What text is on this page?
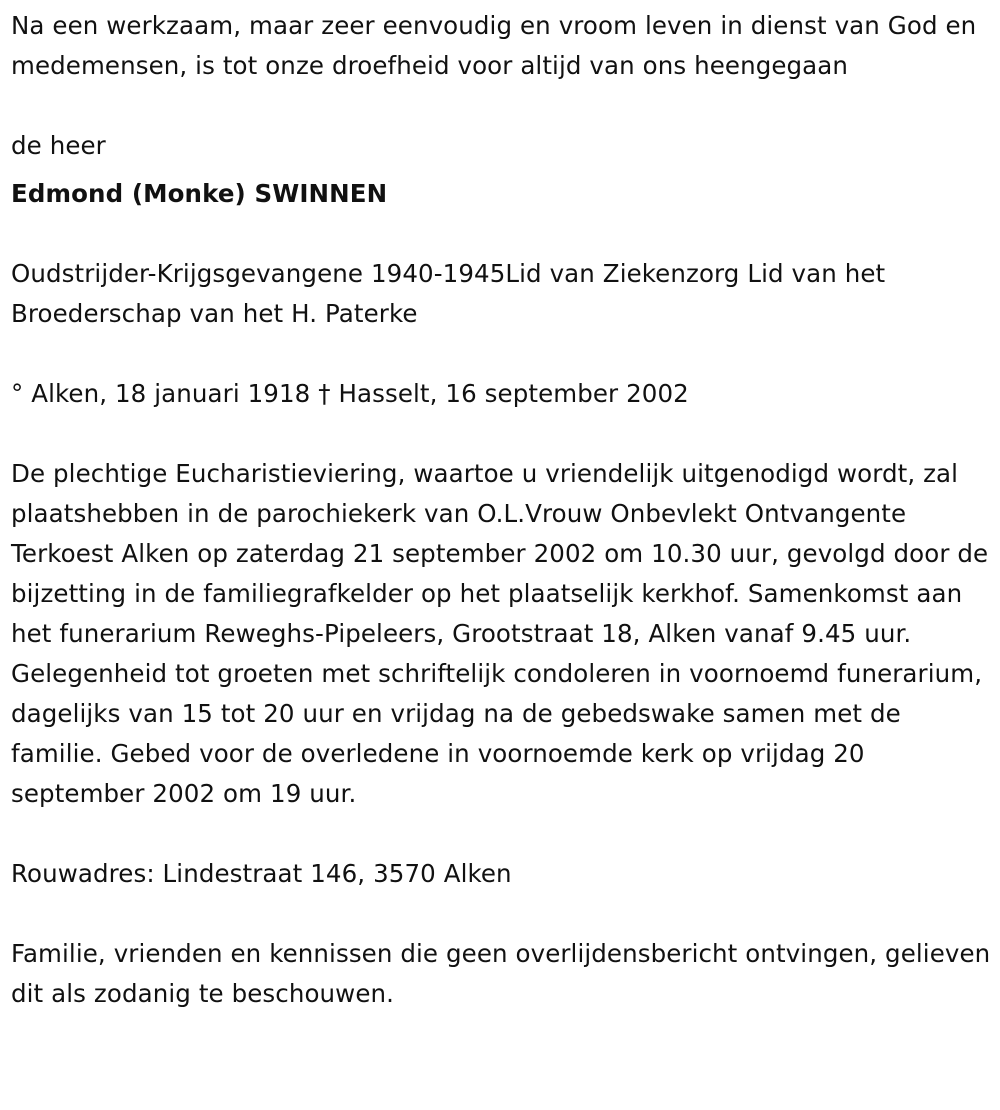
Na een werkzaam, maar zeer eenvoudig en vroom leven in dienst van God en medemensen, is tot onze droefheid voor altijd van ons heengegaan

de heer

Edmond (Monke) SWINNEN

Oudstrijder-Krijgsgevangene 1940-1945Lid van Ziekenzorg Lid van het Broederschap van het H. Paterke

° Alken, 18 januari 1918 † Hasselt, 16 september 2002

De plechtige Eucharistieviering, waartoe u vriendelijk uitgenodigd wordt, zal plaatshebben in de parochiekerk van O.L.Vrouw Onbevlekt Ontvangente Terkoest Alken op zaterdag 21 september 2002 om 10.30 uur, gevolgd door de bijzetting in de familiegrafkelder op het plaatselijk kerkhof. Samenkomst aan het funerarium Reweghs-Pipeleers, Grootstraat 18, Alken vanaf 9.45 uur. Gelegenheid tot groeten met schriftelijk condoleren in voornoemd funerarium, dagelijks van 15 tot 20 uur en vrijdag na de gebedswake samen met de familie. Gebed voor de overledene in voornoemde kerk op vrijdag 20 september 2002 om 19 uur.

Rouwadres: Lindestraat 146, 3570 Alken

Familie, vrienden en kennissen die geen overlijdensbericht ontvingen, gelieven dit als zodanig te beschouwen.
